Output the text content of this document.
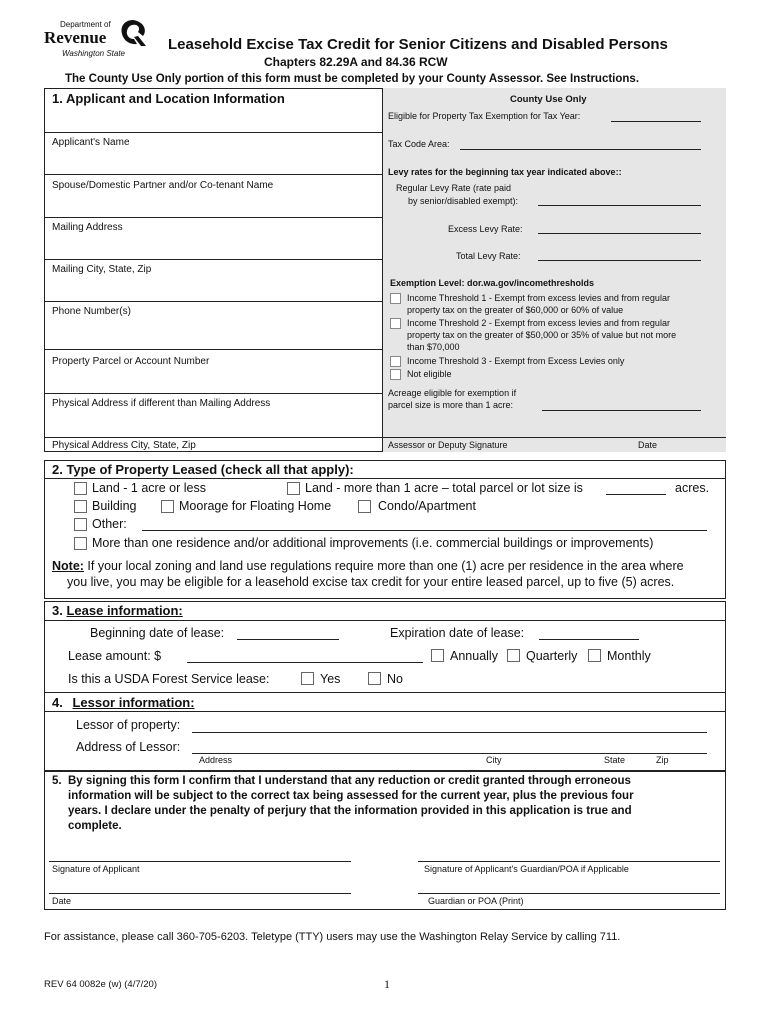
Department of
Revenue
Washington State
Leasehold Excise Tax Credit for Senior Citizens and Disabled Persons
Chapters 82.29A and 84.36 RCW
The County Use Only portion of this form must be completed by your County Assessor. See Instructions.
1. Applicant and Location Information
Applicant's Name
Spouse/Domestic Partner and/or Co-tenant Name
Mailing Address
Mailing City, State, Zip
Phone Number(s)
Property Parcel or Account Number
Physical Address if different than Mailing Address
Physical Address City, State, Zip
County Use Only
Eligible for Property Tax Exemption for Tax Year:
Tax Code Area:
Levy rates for the beginning tax year indicated above::
Regular Levy Rate (rate paid
by senior/disabled exempt):
Excess Levy Rate:
Total Levy Rate:
Exemption Level: dor.wa.gov/incomethresholds
Income Threshold 1 - Exempt from excess levies and from regular
property tax on the greater of $60,000 or 60% of value
Income Threshold 2 - Exempt from excess levies and from regular
property tax on the greater of $50,000 or 35% of value but not more
than $70,000
Income Threshold 3 - Exempt from Excess Levies only
Not eligible
Acreage eligible for exemption if
parcel size is more than 1 acre:
Assessor or Deputy Signature	Date
2. Type of Property Leased (check all that apply):
Land - 1 acre or less	Land - more than 1 acre – total parcel or lot size is	acres.
Building	Moorage for Floating Home	Condo/Apartment
Other:
More than one residence and/or additional improvements (i.e. commercial buildings or improvements)
Note: If your local zoning and land use regulations require more than one (1) acre per residence in the area where
you live, you may be eligible for a leasehold excise tax credit for your entire leased parcel, up to five (5) acres.
3. Lease information:
Beginning date of lease:	Expiration date of lease:
Lease amount: $	Annually Quarterly Monthly
Is this a USDA Forest Service lease:	Yes	No
4. Lessor information:
Lessor of property:
Address of Lessor:
Address	City	State	Zip
5. By signing this form I confirm that I understand that any reduction or credit granted through erroneous
information will be subject to the correct tax being assessed for the current year, plus the previous four
years. I declare under the penalty of perjury that the information provided in this application is true and
complete.
Signature of Applicant	Signature of Applicant's Guardian/POA if Applicable
Date	Guardian or POA (Print)
For assistance, please call 360-705-6203. Teletype (TTY) users may use the Washington Relay Service by calling 711.
REV 64 0082e (w) (4/7/20)	1
